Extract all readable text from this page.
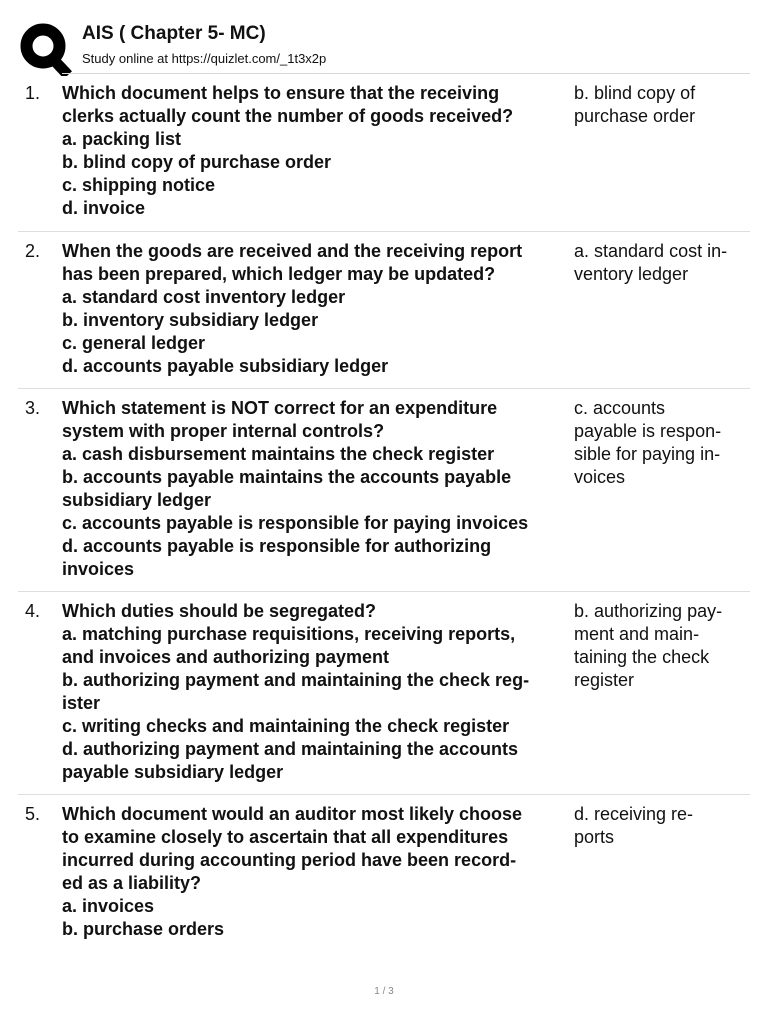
AIS ( Chapter 5- MC)
Study online at https://quizlet.com/_1t3x2p
1. Which document helps to ensure that the receiving
clerks actually count the number of goods received?
a. packing list
b. blind copy of purchase order
c. shipping notice
d. invoice
b. blind copy of
purchase order
2. When the goods are received and the receiving report
has been prepared, which ledger may be updated?
a. standard cost inventory ledger
b. inventory subsidiary ledger
c. general ledger
d. accounts payable subsidiary ledger
a. standard cost in-
ventory ledger
3. Which statement is NOT correct for an expenditure
system with proper internal controls?
a. cash disbursement maintains the check register
b. accounts payable maintains the accounts payable
subsidiary ledger
c. accounts payable is responsible for paying invoices
d. accounts payable is responsible for authorizing
invoices
c. accounts
payable is respon-
sible for paying in-
voices
4. Which duties should be segregated?
a. matching purchase requisitions, receiving reports,
and invoices and authorizing payment
b. authorizing payment and maintaining the check reg-
ister
c. writing checks and maintaining the check register
d. authorizing payment and maintaining the accounts
payable subsidiary ledger
b. authorizing pay-
ment and main-
taining the check
register
5. Which document would an auditor most likely choose
to examine closely to ascertain that all expenditures
incurred during accounting period have been record-
ed as a liability?
a. invoices
b. purchase orders
d. receiving re-
ports
1 / 3
